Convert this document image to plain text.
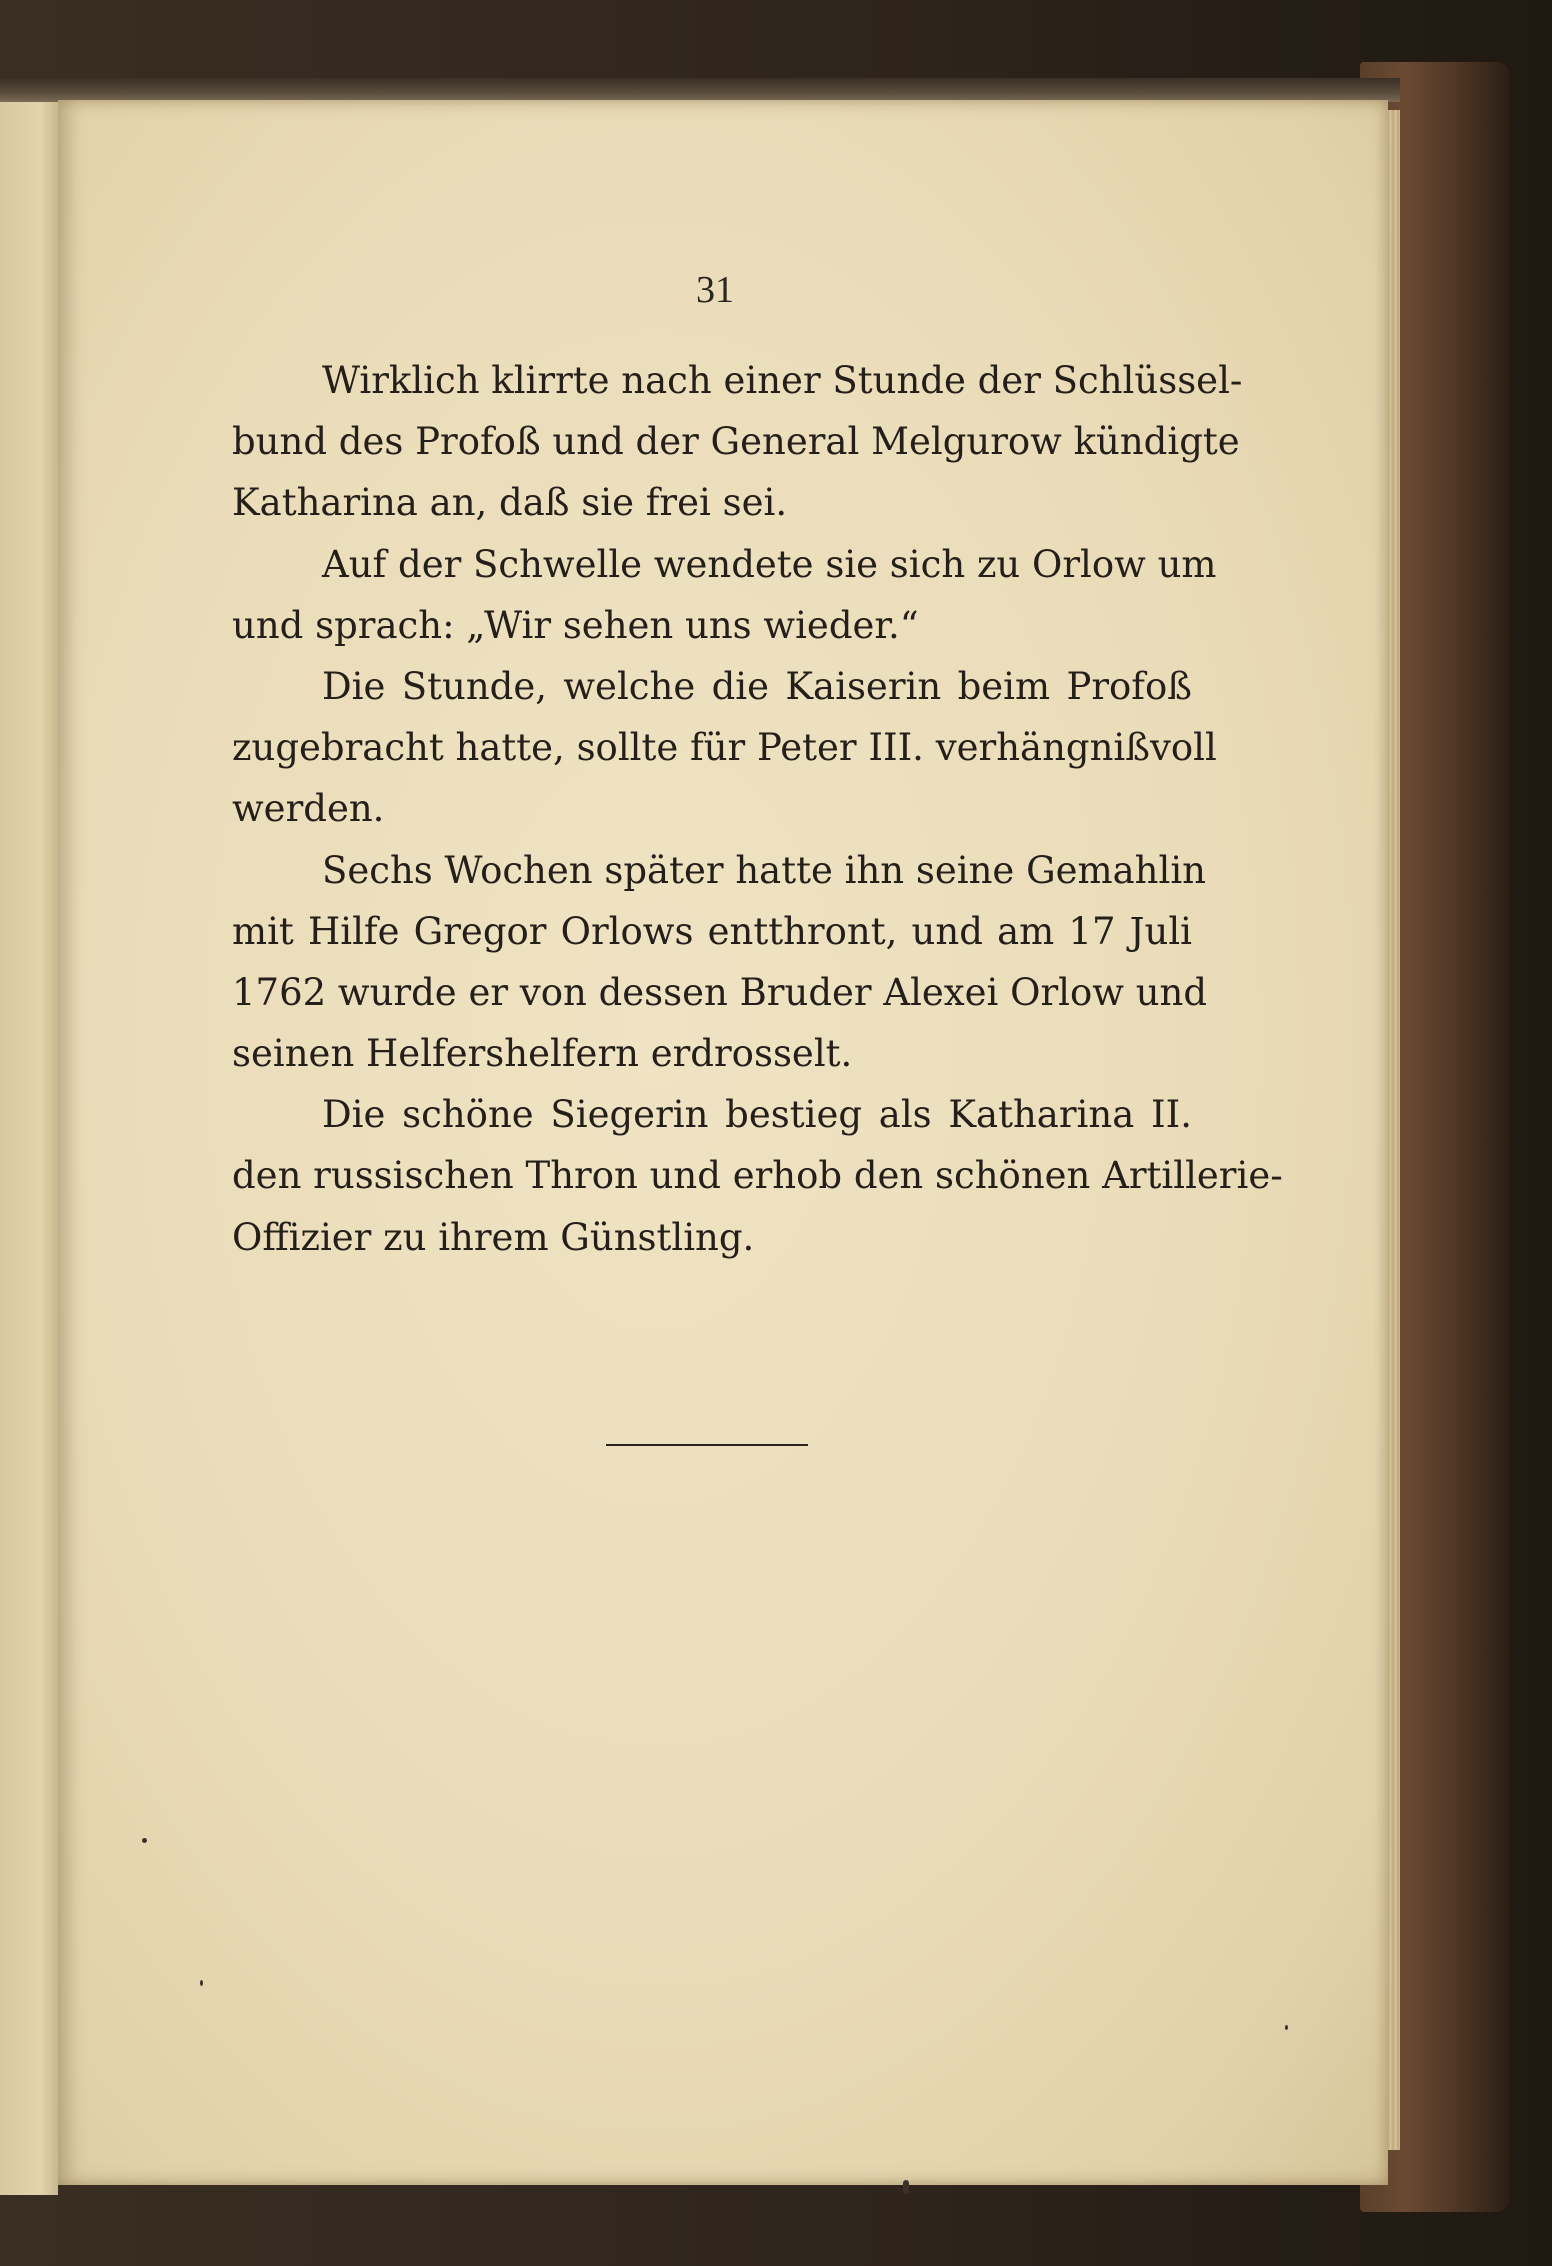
31
Wirklich klirrte nach einer Stunde der Schlüssel-
bund des Profoß und der General Melgurow kündigte
Katharina an, daß sie frei sei.
Auf der Schwelle wendete sie sich zu Orlow um
und sprach: „Wir sehen uns wieder.“
Die Stunde, welche die Kaiserin beim Profoß
zugebracht hatte, sollte für Peter III. verhängnißvoll
werden.
Sechs Wochen später hatte ihn seine Gemahlin
mit Hilfe Gregor Orlows entthront, und am 17 Juli
1762 wurde er von dessen Bruder Alexei Orlow und
seinen Helfershelfern erdrosselt.
Die schöne Siegerin bestieg als Katharina II.
den russischen Thron und erhob den schönen Artillerie-
Offizier zu ihrem Günstling.
